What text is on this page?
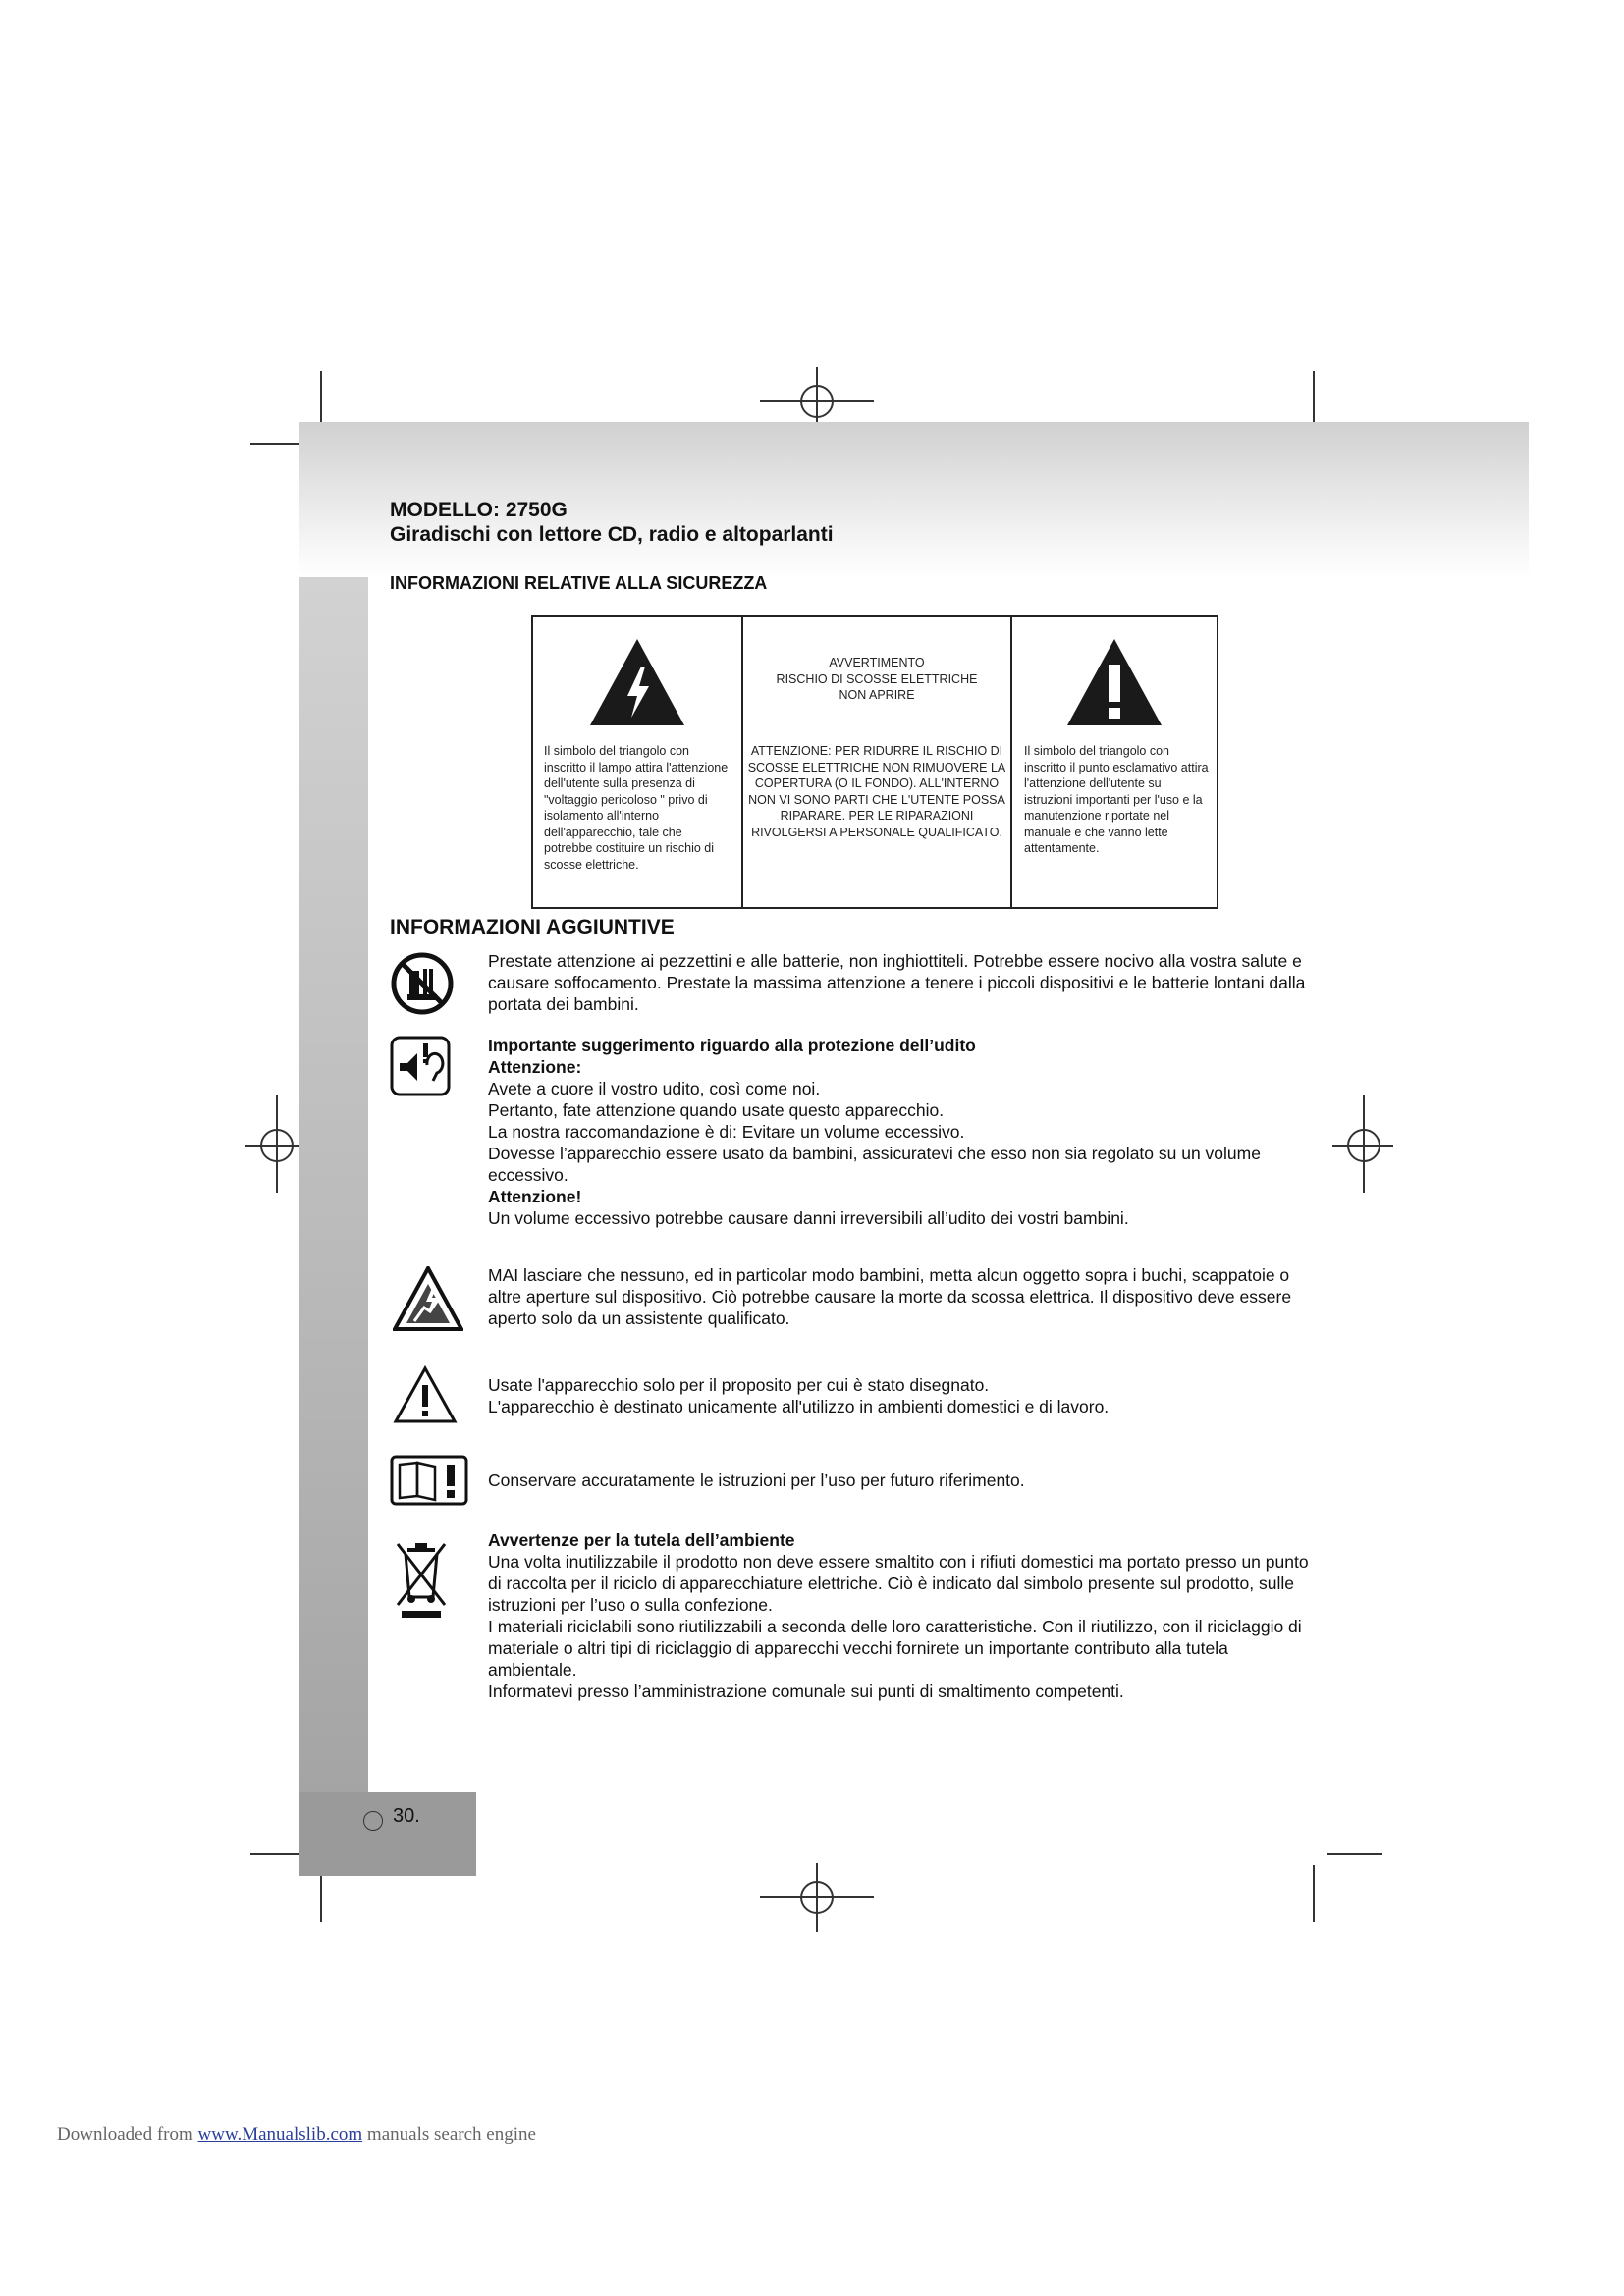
MODELLO: 2750G
Giradischi con lettore CD, radio e altoparlanti
INFORMAZIONI RELATIVE ALLA SICUREZZA
Il simbolo del triangolo con inscritto il lampo attira l'attenzione dell'utente sulla presenza di "voltaggio pericoloso " privo di isolamento all'interno dell'apparecchio, tale che potrebbe costituire un rischio di scosse elettriche.
AVVERTIMENTO
RISCHIO DI SCOSSE ELETTRICHE
NON APRIRE
ATTENZIONE: PER RIDURRE IL RISCHIO DI SCOSSE ELETTRICHE NON RIMUOVERE LA COPERTURA (O IL FONDO). ALL'INTERNO NON VI SONO PARTI CHE L'UTENTE POSSA RIPARARE. PER LE RIPARAZIONI RIVOLGERSI A PERSONALE QUALIFICATO.
Il simbolo del triangolo con inscritto il punto esclamativo attira l'attenzione dell'utente su istruzioni importanti per l'uso e la manutenzione riportate nel manuale e che vanno lette attentamente.
INFORMAZIONI AGGIUNTIVE
Prestate attenzione ai pezzettini e alle batterie, non inghiottiteli. Potrebbe essere nocivo alla vostra salute e causare soffocamento. Prestate la massima attenzione a tenere i piccoli dispositivi e le batterie lontani dalla portata dei bambini.
Importante suggerimento riguardo alla protezione dell’udito
Attenzione:
Avete a cuore il vostro udito, così come noi.
Pertanto, fate attenzione quando usate questo apparecchio.
La nostra raccomandazione è di: Evitare un volume eccessivo.
Dovesse l’apparecchio essere usato da bambini, assicuratevi che esso non sia regolato su un volume eccessivo.
Attenzione!
Un volume eccessivo potrebbe causare danni irreversibili all’udito dei vostri bambini.
MAI lasciare che nessuno, ed in particolar modo bambini, metta alcun oggetto sopra i buchi, scappatoie o altre aperture sul dispositivo. Ciò potrebbe causare la morte da scossa elettrica. Il dispositivo deve essere aperto solo da un assistente qualificato.
Usate l'apparecchio solo per il proposito per cui è stato disegnato.
L'apparecchio è destinato unicamente all'utilizzo in ambienti domestici e di lavoro.
Conservare accuratamente le istruzioni per l’uso per futuro riferimento.
Avvertenze per la tutela dell’ambiente
Una volta inutilizzabile il prodotto non deve essere smaltito con i rifiuti domestici ma portato presso un punto di raccolta per il riciclo di apparecchiature elettriche. Ciò è indicato dal simbolo presente sul prodotto, sulle istruzioni per l’uso o sulla confezione.
I materiali riciclabili sono riutilizzabili a seconda delle loro caratteristiche. Con il riutilizzo, con il riciclaggio di materiale o altri tipi di riciclaggio di apparecchi vecchi fornirete un importante contributo alla tutela ambientale.
Informatevi presso l’amministrazione comunale sui punti di smaltimento competenti.
30.
Downloaded from www.Manualslib.com manuals search engine
